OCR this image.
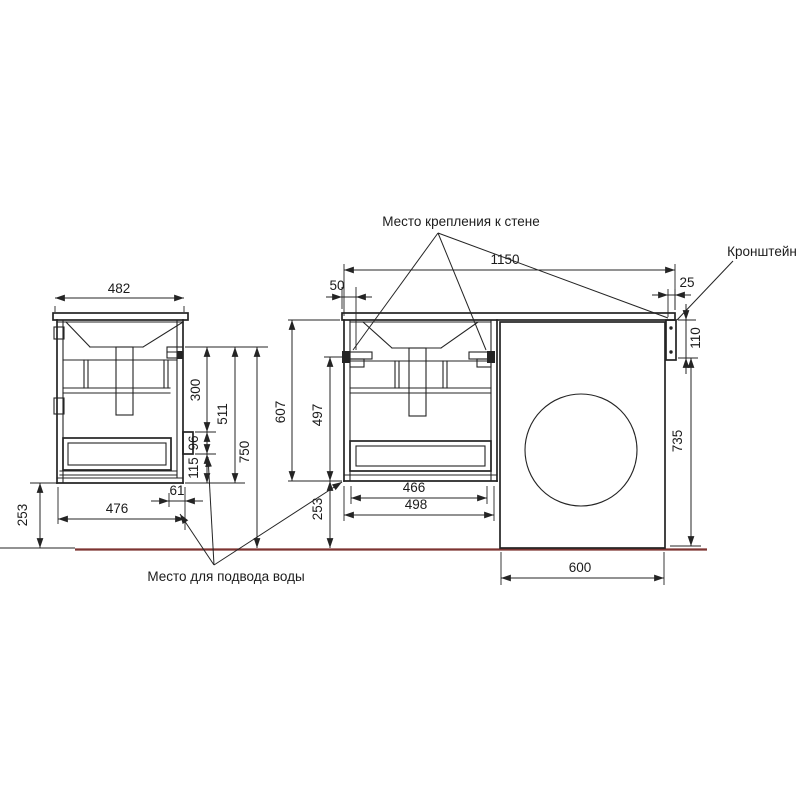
482
253	476
61
300
96
115
511
750
1150
50	25
110
735
607 497
253
466
498
600
Место крепления к стене
Кронштейн
Место для подвода воды
